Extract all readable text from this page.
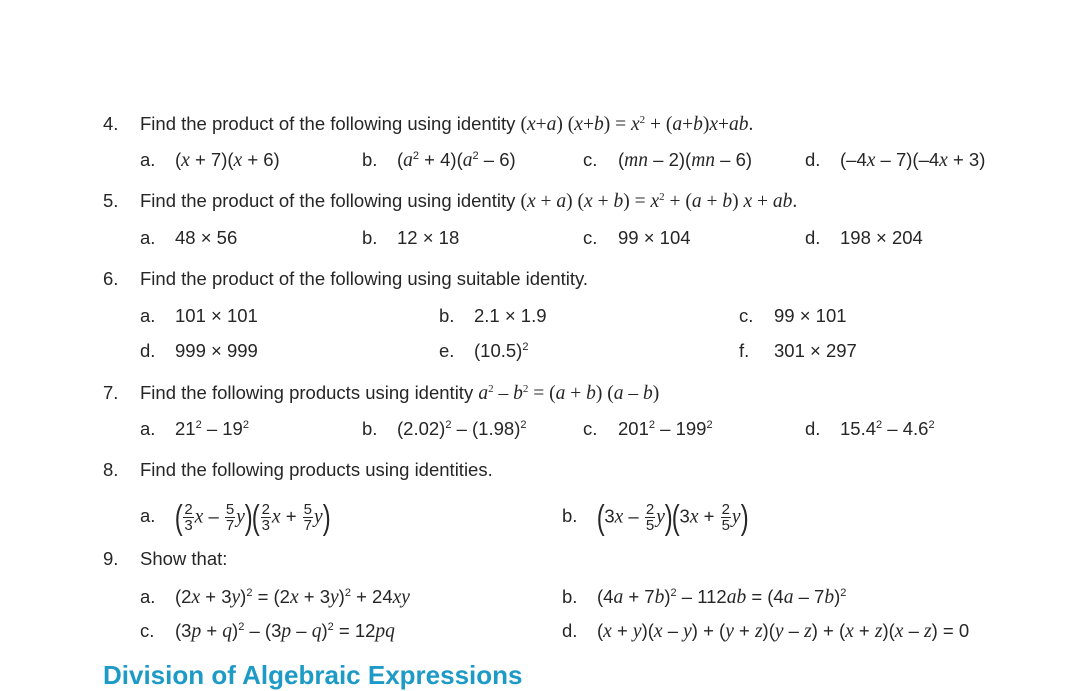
4. Find the product of the following using identity (x+a) $(x+b) = x^2 + (a+b)x+ab$.
a. (x + 7)(x + 6)	b. $(a^2 + 4)(a^2 - 6)$	c. (mn – 2)(mn – 6)	d. (–4x – 7)(–4x + 3)
5. Find the product of the following using identity (x + a) $(x + b) = x^2 + (a + b) x$ + ab.
a. 48 × 56	b. 12 × 18	c. 99 × 104	d. 198 × 204
6. Find the product of the following using suitable identity.
a. 101 × 101	b. 2.1 × 1.9	c. 99 × 101
d. 999 × 999	e. $(10.5)^2$	f. 301 × 297
7. Find the following products using identity $a^2 - b^2 = (a + b)$ (a – b)
a. $21^2 - 19^2$	b. $(2.02)^2 - (1.98)^2$	c. $201^2 - 199^2$	d. $15.4^2 - 4.6^2$
8. Find the following products using identities.
a. ( $\frac{2}{3}$ x – $\frac{5}{7} y)( \frac{2}{3}$ $x + \frac{5}{7} y$)	b. $(3x - \frac{2}{5} y)(3x + \frac{2}{5} y)$
9. Show that:
a. $(2x + 3y)^2 = (2x + 3y)^2 + 24xy$	b. $(4a + 7b)^2 - 112ab = (4a - 7b)^2$
c. $(3p + q)^2 - (3p - q)^2 = 12pq$	d. (x + y)(x – y) + (y + z)(y – z) + (x + z)(x – z) = 0
Division of Algebraic Expressions
